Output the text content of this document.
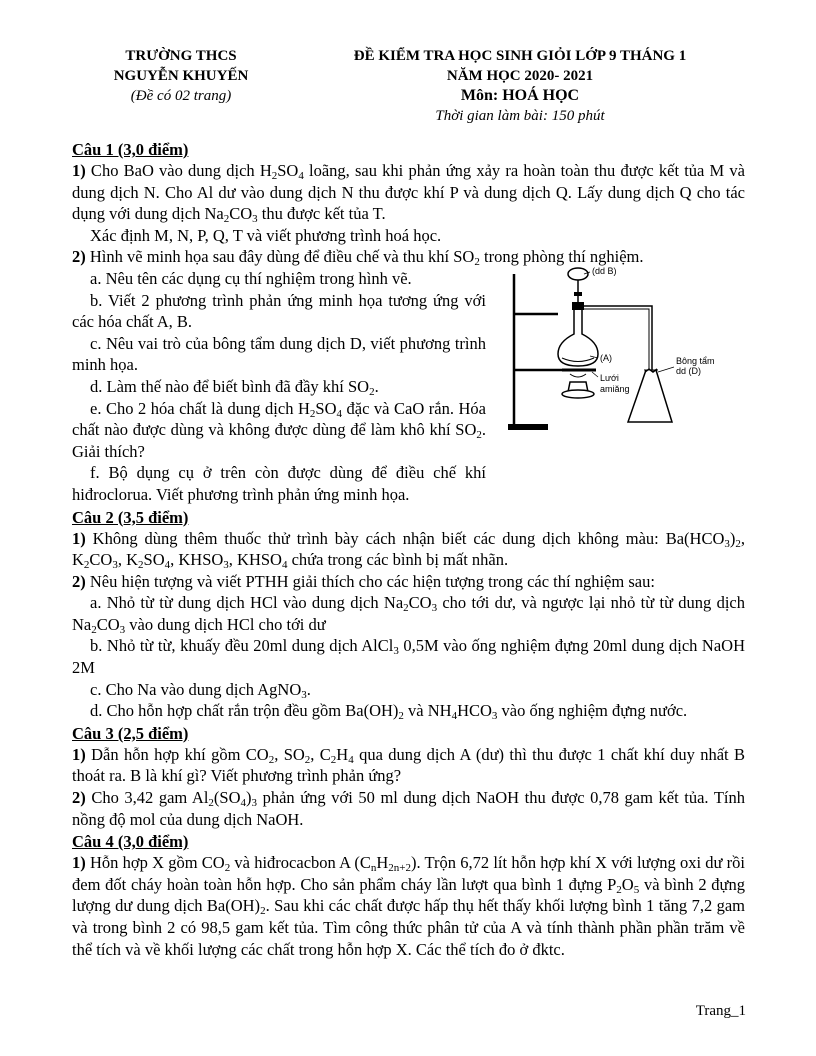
TRƯỜNG THCS
NGUYỄN KHUYẾN
(Đề có 02 trang)
ĐỀ KIỂM TRA HỌC SINH GIỎI LỚP 9 THÁNG 1
NĂM HỌC 2020- 2021
Môn: HOÁ HỌC
Thời gian làm bài: 150 phút
Câu 1 (3,0 điểm)

1) Cho BaO vào dung dịch $H_2SO_4$ loãng, sau khi phản ứng xảy ra hoàn toàn thu được kết tủa M và dung dịch N. Cho Al dư vào dung dịch N thu được khí P và dung dịch Q. Lấy dung dịch Q cho tác dụng với dung dịch $Na_2CO_3$ thu được kết tủa T.

Xác định M, N, P, Q, T và viết phương trình hoá học.

2) Hình vẽ minh họa sau đây dùng để điều chế và thu khí $SO_2$ trong phòng thí nghiệm.

a. Nêu tên các dụng cụ thí nghiệm trong hình vẽ.

b. Viết 2 phương trình phản ứng minh họa tương ứng với các hóa chất A, B.

c. Nêu vai trò của bông tẩm dung dịch D, viết phương trình minh họa.

d. Làm thế nào để biết bình đã đầy khí $SO_2$.

e. Cho 2 hóa chất là dung dịch $H_2SO_4$ đặc và CaO rắn. Hóa chất nào được dùng và không được dùng để làm khô khí $SO_2$. Giải thích?

f. Bộ dụng cụ ở trên còn được dùng để điều chế khí hiđroclorua. Viết phương trình phản ứng minh họa.

(dd B)
(A)
Lưới
amiăng
Bông tẩm
dd (D)
Câu 2 (3,5 điểm)

1) Không dùng thêm thuốc thử trình bày cách nhận biết các dung dịch không màu: $Ba(HCO_3)_2$, $K_2CO_3$, $K_2SO_4$, $KHSO_3$, $KHSO_4$ chứa trong các bình bị mất nhãn.

2) Nêu hiện tượng và viết PTHH giải thích cho các hiện tượng trong các thí nghiệm sau:

a. Nhỏ từ từ dung dịch HCl vào dung dịch $Na_2CO_3$ cho tới dư, và ngược lại nhỏ từ từ dung dịch $Na_2CO_3$ vào dung dịch HCl cho tới dư

b. Nhỏ từ từ, khuấy đều 20ml dung dịch AlCl$_3$ 0,5M vào ống nghiệm đựng 20ml dung dịch NaOH 2M

c. Cho Na vào dung dịch AgNO$_3$.

d. Cho hỗn hợp chất rắn trộn đều gồm $Ba(OH)_2$ và $NH_4HCO_3$ vào ống nghiệm đựng nước.

Câu 3 (2,5 điểm)

1) Dẫn hỗn hợp khí gồm $CO_2$, $SO_2$, $C_2H_4$ qua dung dịch A (dư) thì thu được 1 chất khí duy nhất B thoát ra. B là khí gì? Viết phương trình phản ứng?

2) Cho 3,42 gam $Al_2(SO_4)_3$ phản ứng với 50 ml dung dịch NaOH thu được 0,78 gam kết tủa. Tính nồng độ mol của dung dịch NaOH.

Câu 4 (3,0 điểm)

1) Hỗn hợp X gồm $CO_2$ và hiđrocacbon A $(C_nH_{2n+2})$. Trộn 6,72 lít hỗn hợp khí X với lượng oxi dư rồi đem đốt cháy hoàn toàn hỗn hợp. Cho sản phẩm cháy lần lượt qua bình 1 đựng $P_2O_5$ và bình 2 đựng lượng dư dung dịch $Ba(OH)_2$. Sau khi các chất được hấp thụ hết thấy khối lượng bình 1 tăng 7,2 gam và trong bình 2 có 98,5 gam kết tủa. Tìm công thức phân tử của A và tính thành phần phần trăm về thể tích và về khối lượng các chất trong hỗn hợp X. Các thể tích đo ở đktc.

Trang_1
